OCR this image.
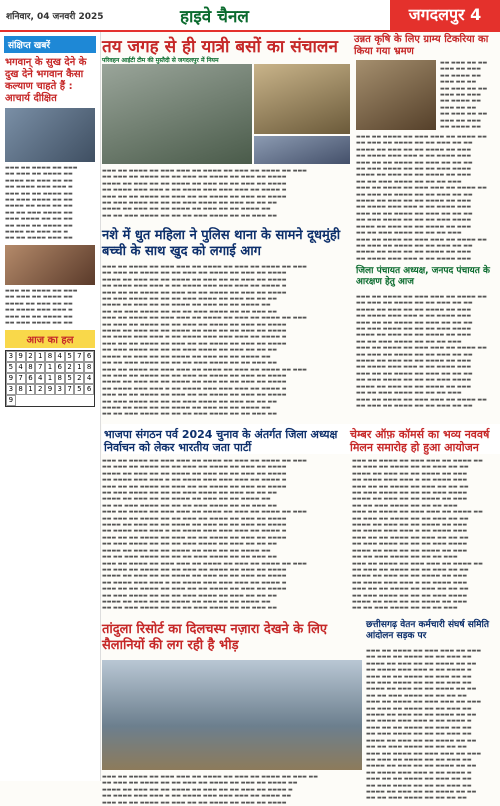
शनिवार, 04 जनवरी 2025	हाइवे चैनल	जगदलपुर 4
संक्षिप्त खबरें
भगवान् के सुख देने के दुख देने भगवान कैसा कल्याण चाहते हैं : आचार्य दीक्षित
▬▬▬ ▬▬ ▬▬▬▬ ▬▬ ▬▬▬
▬▬ ▬▬▬ ▬▬ ▬▬▬▬ ▬▬
▬▬▬▬ ▬▬ ▬▬▬ ▬▬ ▬▬
▬▬ ▬▬▬▬ ▬▬▬ ▬▬▬ ▬
▬▬▬ ▬▬ ▬▬ ▬▬▬▬ ▬▬
▬▬ ▬▬▬ ▬▬▬▬ ▬▬ ▬▬
▬▬▬▬ ▬▬ ▬▬▬ ▬▬ ▬▬
▬▬ ▬▬ ▬▬▬ ▬▬▬▬ ▬▬
▬▬▬ ▬▬▬▬ ▬▬ ▬▬ ▬▬
▬▬ ▬▬▬ ▬▬ ▬▬▬▬ ▬▬
▬▬▬▬ ▬▬ ▬▬▬ ▬▬ ▬
▬▬ ▬▬ ▬▬▬▬ ▬▬▬ ▬▬
▬▬▬ ▬▬ ▬▬▬▬ ▬▬ ▬▬▬
▬▬ ▬▬▬ ▬▬ ▬▬▬▬ ▬▬
▬▬▬▬ ▬▬ ▬▬▬ ▬▬ ▬▬
▬▬ ▬▬▬▬ ▬▬▬ ▬▬▬ ▬
▬▬▬ ▬▬ ▬▬ ▬▬▬▬ ▬▬
▬▬ ▬▬▬ ▬▬▬▬ ▬▬ ▬▬
आज का हल
3 9 2 1 8 4 5 7 6
5 4 8 7 1 6 2 1 8
9 7 6 4 1 8 5 2 4
3 8 1 2 9 3 7 5 6
9
तय जगह से ही यात्री बसों का संचालन
परिवहन आईटी टीम की मुस्तैदी से जगदलपुर में नियम
▬▬▬ ▬▬ ▬▬▬▬ ▬▬ ▬▬▬ ▬▬▬ ▬▬ ▬▬▬▬ ▬▬ ▬▬▬ ▬▬ ▬▬▬▬ ▬▬ ▬▬▬
▬▬ ▬▬▬ ▬▬ ▬▬▬▬ ▬▬ ▬▬ ▬▬▬ ▬▬ ▬▬▬▬ ▬▬ ▬▬▬ ▬▬ ▬▬▬▬
▬▬▬▬ ▬▬ ▬▬▬ ▬▬ ▬▬ ▬▬▬▬ ▬▬ ▬▬▬ ▬▬ ▬▬ ▬▬▬ ▬▬ ▬▬▬▬
▬▬ ▬▬▬▬ ▬▬▬ ▬▬▬ ▬ ▬▬ ▬▬▬▬ ▬▬▬ ▬▬▬ ▬▬▬ ▬▬ ▬▬▬▬ ▬
▬▬▬ ▬▬ ▬▬ ▬▬▬▬ ▬▬ ▬▬▬ ▬▬ ▬▬ ▬▬▬▬ ▬▬ ▬▬▬ ▬▬ ▬▬▬▬
▬▬ ▬▬▬ ▬▬▬▬ ▬▬ ▬▬ ▬▬ ▬▬▬ ▬▬▬▬ ▬▬ ▬▬▬ ▬▬ ▬▬ ▬▬
▬▬▬▬ ▬▬ ▬▬▬ ▬▬ ▬▬ ▬▬▬▬ ▬▬ ▬▬▬ ▬▬ ▬▬ ▬▬▬▬ ▬▬
▬▬ ▬▬ ▬▬▬ ▬▬▬▬ ▬▬ ▬▬ ▬▬ ▬▬▬ ▬▬▬▬ ▬▬ ▬▬ ▬▬▬ ▬▬
नशे में धुत महिला ने पुलिस थाना के सामने दूधमुंही बच्ची के साथ खुद को लगाई आग
▬▬▬ ▬▬ ▬▬▬▬ ▬▬ ▬▬▬ ▬▬▬ ▬▬ ▬▬▬▬ ▬▬ ▬▬▬ ▬▬ ▬▬▬▬ ▬▬ ▬▬▬
▬▬ ▬▬▬ ▬▬ ▬▬▬▬ ▬▬ ▬▬ ▬▬▬ ▬▬ ▬▬▬▬ ▬▬ ▬▬▬ ▬▬ ▬▬▬▬
▬▬▬▬ ▬▬ ▬▬▬ ▬▬ ▬▬ ▬▬▬▬ ▬▬ ▬▬▬ ▬▬ ▬▬ ▬▬▬ ▬▬ ▬▬▬▬
▬▬ ▬▬▬▬ ▬▬▬ ▬▬▬ ▬ ▬▬ ▬▬▬▬ ▬▬▬ ▬▬▬ ▬▬▬ ▬▬ ▬▬▬▬ ▬
▬▬▬ ▬▬ ▬▬ ▬▬▬▬ ▬▬ ▬▬▬ ▬▬ ▬▬ ▬▬▬▬ ▬▬ ▬▬▬ ▬▬ ▬▬▬▬
▬▬ ▬▬▬ ▬▬▬▬ ▬▬ ▬▬ ▬▬ ▬▬▬ ▬▬▬▬ ▬▬ ▬▬▬ ▬▬ ▬▬ ▬▬
▬▬▬▬ ▬▬ ▬▬▬ ▬▬ ▬▬ ▬▬▬▬ ▬▬ ▬▬▬ ▬▬ ▬▬ ▬▬▬▬ ▬▬
▬▬ ▬▬ ▬▬▬ ▬▬▬▬ ▬▬ ▬▬ ▬▬ ▬▬▬ ▬▬▬▬ ▬▬ ▬▬ ▬▬▬ ▬▬
▬▬▬ ▬▬ ▬▬▬▬ ▬▬ ▬▬▬ ▬▬▬ ▬▬ ▬▬▬▬ ▬▬ ▬▬▬ ▬▬ ▬▬▬▬ ▬▬ ▬▬▬
▬▬ ▬▬▬ ▬▬ ▬▬▬▬ ▬▬ ▬▬ ▬▬▬ ▬▬ ▬▬▬▬ ▬▬ ▬▬▬ ▬▬ ▬▬▬▬
▬▬▬▬ ▬▬ ▬▬▬ ▬▬ ▬▬ ▬▬▬▬ ▬▬ ▬▬▬ ▬▬ ▬▬ ▬▬▬ ▬▬ ▬▬▬▬
▬▬ ▬▬▬▬ ▬▬▬ ▬▬▬ ▬ ▬▬ ▬▬▬▬ ▬▬▬ ▬▬▬ ▬▬▬ ▬▬ ▬▬▬▬ ▬
▬▬▬ ▬▬ ▬▬ ▬▬▬▬ ▬▬ ▬▬▬ ▬▬ ▬▬ ▬▬▬▬ ▬▬ ▬▬▬ ▬▬ ▬▬▬▬
▬▬ ▬▬▬ ▬▬▬▬ ▬▬ ▬▬ ▬▬ ▬▬▬ ▬▬▬▬ ▬▬ ▬▬▬ ▬▬ ▬▬ ▬▬
▬▬▬▬ ▬▬ ▬▬▬ ▬▬ ▬▬ ▬▬▬▬ ▬▬ ▬▬▬ ▬▬ ▬▬ ▬▬▬▬ ▬▬
▬▬ ▬▬ ▬▬▬ ▬▬▬▬ ▬▬ ▬▬ ▬▬ ▬▬▬ ▬▬▬▬ ▬▬ ▬▬ ▬▬▬ ▬▬
▬▬▬ ▬▬ ▬▬▬▬ ▬▬ ▬▬▬ ▬▬▬ ▬▬ ▬▬▬▬ ▬▬ ▬▬▬ ▬▬ ▬▬▬▬ ▬▬ ▬▬▬
▬▬ ▬▬▬ ▬▬ ▬▬▬▬ ▬▬ ▬▬ ▬▬▬ ▬▬ ▬▬▬▬ ▬▬ ▬▬▬ ▬▬ ▬▬▬▬
▬▬▬▬ ▬▬ ▬▬▬ ▬▬ ▬▬ ▬▬▬▬ ▬▬ ▬▬▬ ▬▬ ▬▬ ▬▬▬ ▬▬ ▬▬▬▬
▬▬ ▬▬▬▬ ▬▬▬ ▬▬▬ ▬ ▬▬ ▬▬▬▬ ▬▬▬ ▬▬▬ ▬▬▬ ▬▬ ▬▬▬▬ ▬
▬▬▬ ▬▬ ▬▬ ▬▬▬▬ ▬▬ ▬▬▬ ▬▬ ▬▬ ▬▬▬▬ ▬▬ ▬▬▬ ▬▬ ▬▬▬▬
▬▬ ▬▬▬ ▬▬▬▬ ▬▬ ▬▬ ▬▬ ▬▬▬ ▬▬▬▬ ▬▬ ▬▬▬ ▬▬ ▬▬ ▬▬
▬▬▬▬ ▬▬ ▬▬▬ ▬▬ ▬▬ ▬▬▬▬ ▬▬ ▬▬▬ ▬▬ ▬▬ ▬▬▬▬ ▬▬
▬▬ ▬▬ ▬▬▬ ▬▬▬▬ ▬▬ ▬▬ ▬▬ ▬▬▬ ▬▬▬▬ ▬▬ ▬▬ ▬▬▬ ▬▬
उन्नत कृषि के लिए ग्राम्य टिकरिया का किया गया भ्रमण
▬▬ ▬▬▬ ▬▬ ▬▬
▬▬▬ ▬▬ ▬▬▬
▬▬ ▬▬▬▬ ▬▬
▬▬▬ ▬▬ ▬▬
▬▬ ▬▬▬ ▬▬ ▬▬
▬▬▬ ▬▬ ▬▬▬
▬▬ ▬▬▬▬ ▬▬
▬▬▬ ▬▬ ▬▬
▬▬ ▬▬▬ ▬▬ ▬▬
▬▬▬ ▬▬ ▬▬▬
▬▬ ▬▬▬▬ ▬▬
▬▬▬ ▬▬ ▬▬▬▬ ▬▬ ▬▬▬ ▬▬▬ ▬▬ ▬▬▬▬ ▬▬
▬▬ ▬▬▬ ▬▬ ▬▬▬▬ ▬▬ ▬▬ ▬▬▬ ▬▬ ▬▬
▬▬▬▬ ▬▬ ▬▬▬ ▬▬ ▬▬ ▬▬▬▬ ▬▬ ▬▬▬
▬▬ ▬▬▬▬ ▬▬▬ ▬▬▬ ▬ ▬▬ ▬▬▬▬ ▬▬▬
▬▬▬ ▬▬ ▬▬ ▬▬▬▬ ▬▬ ▬▬▬ ▬▬ ▬▬ ▬▬
▬▬ ▬▬▬ ▬▬▬▬ ▬▬ ▬▬ ▬▬ ▬▬▬ ▬▬▬▬
▬▬▬▬ ▬▬ ▬▬▬ ▬▬ ▬▬ ▬▬▬▬ ▬▬ ▬▬▬
▬▬ ▬▬ ▬▬▬ ▬▬▬▬ ▬▬ ▬▬ ▬▬ ▬▬▬
▬▬▬ ▬▬ ▬▬▬▬ ▬▬ ▬▬▬ ▬▬▬ ▬▬ ▬▬▬▬ ▬▬
▬▬ ▬▬▬ ▬▬ ▬▬▬▬ ▬▬ ▬▬ ▬▬▬ ▬▬ ▬▬
▬▬▬▬ ▬▬ ▬▬▬ ▬▬ ▬▬ ▬▬▬▬ ▬▬ ▬▬▬
▬▬ ▬▬▬▬ ▬▬▬ ▬▬▬ ▬ ▬▬ ▬▬▬▬ ▬▬▬
▬▬▬ ▬▬ ▬▬ ▬▬▬▬ ▬▬ ▬▬▬ ▬▬ ▬▬ ▬▬
▬▬ ▬▬▬ ▬▬▬▬ ▬▬ ▬▬ ▬▬ ▬▬▬ ▬▬▬▬
▬▬▬▬ ▬▬ ▬▬▬ ▬▬ ▬▬ ▬▬▬▬ ▬▬ ▬▬▬
▬▬ ▬▬ ▬▬▬ ▬▬▬▬ ▬▬ ▬▬ ▬▬ ▬▬▬
▬▬▬ ▬▬ ▬▬▬▬ ▬▬ ▬▬▬ ▬▬▬ ▬▬ ▬▬▬▬ ▬▬
▬▬ ▬▬▬ ▬▬ ▬▬▬▬ ▬▬ ▬▬ ▬▬▬ ▬▬ ▬▬
▬▬▬▬ ▬▬ ▬▬▬ ▬▬ ▬▬ ▬▬▬▬ ▬▬ ▬▬▬
▬▬ ▬▬▬▬ ▬▬▬ ▬▬▬ ▬ ▬▬ ▬▬▬▬ ▬▬▬
जिला पंचायत अध्यक्ष, जनपद पंचायत के आरक्षण हेतु आज
▬▬▬ ▬▬ ▬▬▬▬ ▬▬ ▬▬▬ ▬▬▬ ▬▬ ▬▬▬▬ ▬▬
▬▬ ▬▬▬ ▬▬ ▬▬▬▬ ▬▬ ▬▬ ▬▬▬ ▬▬ ▬▬
▬▬▬▬ ▬▬ ▬▬▬ ▬▬ ▬▬ ▬▬▬▬ ▬▬ ▬▬▬
▬▬ ▬▬▬▬ ▬▬▬ ▬▬▬ ▬ ▬▬ ▬▬▬▬ ▬▬▬
▬▬▬ ▬▬ ▬▬ ▬▬▬▬ ▬▬ ▬▬▬ ▬▬ ▬▬ ▬▬
▬▬ ▬▬▬ ▬▬▬▬ ▬▬ ▬▬ ▬▬ ▬▬▬ ▬▬▬▬
▬▬▬▬ ▬▬ ▬▬▬ ▬▬ ▬▬ ▬▬▬▬ ▬▬ ▬▬▬
▬▬ ▬▬ ▬▬▬ ▬▬▬▬ ▬▬ ▬▬ ▬▬ ▬▬▬
▬▬▬ ▬▬ ▬▬▬▬ ▬▬ ▬▬▬ ▬▬▬ ▬▬ ▬▬▬▬ ▬▬
▬▬ ▬▬▬ ▬▬ ▬▬▬▬ ▬▬ ▬▬ ▬▬▬ ▬▬ ▬▬
▬▬▬▬ ▬▬ ▬▬▬ ▬▬ ▬▬ ▬▬▬▬ ▬▬ ▬▬▬
▬▬ ▬▬▬▬ ▬▬▬ ▬▬▬ ▬ ▬▬ ▬▬▬▬ ▬▬▬
▬▬▬ ▬▬ ▬▬ ▬▬▬▬ ▬▬ ▬▬▬ ▬▬ ▬▬ ▬▬
▬▬ ▬▬▬ ▬▬▬▬ ▬▬ ▬▬ ▬▬ ▬▬▬ ▬▬▬▬
▬▬▬▬ ▬▬ ▬▬▬ ▬▬ ▬▬ ▬▬▬▬ ▬▬ ▬▬▬
▬▬ ▬▬ ▬▬▬ ▬▬▬▬ ▬▬ ▬▬ ▬▬ ▬▬▬
▬▬▬ ▬▬ ▬▬▬▬ ▬▬ ▬▬▬ ▬▬▬ ▬▬ ▬▬▬▬ ▬▬
▬▬ ▬▬▬ ▬▬ ▬▬▬▬ ▬▬ ▬▬ ▬▬▬ ▬▬ ▬▬
भाजपा संगठन पर्व 2024 चुनाव के अंतर्गत जिला अध्यक्ष निर्वाचन को लेकर भारतीय जता पार्टी
चेम्बर ऑफ़ कॉमर्स का भव्य नववर्ष मिलन समारोह हो हुआ आयोजन
▬▬▬ ▬▬ ▬▬▬▬ ▬▬ ▬▬▬ ▬▬▬ ▬▬ ▬▬▬▬ ▬▬ ▬▬▬ ▬▬ ▬▬▬▬ ▬▬ ▬▬▬
▬▬ ▬▬▬ ▬▬ ▬▬▬▬ ▬▬ ▬▬ ▬▬▬ ▬▬ ▬▬▬▬ ▬▬ ▬▬▬ ▬▬ ▬▬▬▬
▬▬▬▬ ▬▬ ▬▬▬ ▬▬ ▬▬ ▬▬▬▬ ▬▬ ▬▬▬ ▬▬ ▬▬ ▬▬▬ ▬▬ ▬▬▬▬
▬▬ ▬▬▬▬ ▬▬▬ ▬▬▬ ▬ ▬▬ ▬▬▬▬ ▬▬▬ ▬▬▬ ▬▬▬ ▬▬ ▬▬▬▬ ▬
▬▬▬ ▬▬ ▬▬ ▬▬▬▬ ▬▬ ▬▬▬ ▬▬ ▬▬ ▬▬▬▬ ▬▬ ▬▬▬ ▬▬ ▬▬▬▬
▬▬ ▬▬▬ ▬▬▬▬ ▬▬ ▬▬ ▬▬ ▬▬▬ ▬▬▬▬ ▬▬ ▬▬▬ ▬▬ ▬▬ ▬▬
▬▬▬▬ ▬▬ ▬▬▬ ▬▬ ▬▬ ▬▬▬▬ ▬▬ ▬▬▬ ▬▬ ▬▬ ▬▬▬▬ ▬▬
▬▬ ▬▬ ▬▬▬ ▬▬▬▬ ▬▬ ▬▬ ▬▬ ▬▬▬ ▬▬▬▬ ▬▬ ▬▬ ▬▬▬ ▬▬
▬▬▬ ▬▬ ▬▬▬▬ ▬▬ ▬▬▬ ▬▬▬ ▬▬ ▬▬▬▬ ▬▬ ▬▬▬ ▬▬ ▬▬▬▬ ▬▬ ▬▬▬
▬▬ ▬▬▬ ▬▬ ▬▬▬▬ ▬▬ ▬▬ ▬▬▬ ▬▬ ▬▬▬▬ ▬▬ ▬▬▬ ▬▬ ▬▬▬▬
▬▬▬▬ ▬▬ ▬▬▬ ▬▬ ▬▬ ▬▬▬▬ ▬▬ ▬▬▬ ▬▬ ▬▬ ▬▬▬ ▬▬ ▬▬▬▬
▬▬ ▬▬▬▬ ▬▬▬ ▬▬▬ ▬ ▬▬ ▬▬▬▬ ▬▬▬ ▬▬▬ ▬▬▬ ▬▬ ▬▬▬▬ ▬
▬▬▬ ▬▬ ▬▬ ▬▬▬▬ ▬▬ ▬▬▬ ▬▬ ▬▬ ▬▬▬▬ ▬▬ ▬▬▬ ▬▬ ▬▬▬▬
▬▬ ▬▬▬ ▬▬▬▬ ▬▬ ▬▬ ▬▬ ▬▬▬ ▬▬▬▬ ▬▬ ▬▬▬ ▬▬ ▬▬ ▬▬
▬▬▬▬ ▬▬ ▬▬▬ ▬▬ ▬▬ ▬▬▬▬ ▬▬ ▬▬▬ ▬▬ ▬▬ ▬▬▬▬ ▬▬
▬▬ ▬▬ ▬▬▬ ▬▬▬▬ ▬▬ ▬▬ ▬▬ ▬▬▬ ▬▬▬▬ ▬▬ ▬▬ ▬▬▬ ▬▬
▬▬▬ ▬▬ ▬▬▬▬ ▬▬ ▬▬▬ ▬▬▬ ▬▬ ▬▬▬▬ ▬▬ ▬▬▬ ▬▬ ▬▬▬▬ ▬▬ ▬▬▬
▬▬ ▬▬▬ ▬▬ ▬▬▬▬ ▬▬ ▬▬ ▬▬▬ ▬▬ ▬▬▬▬ ▬▬ ▬▬▬ ▬▬ ▬▬▬▬
▬▬▬▬ ▬▬ ▬▬▬ ▬▬ ▬▬ ▬▬▬▬ ▬▬ ▬▬▬ ▬▬ ▬▬ ▬▬▬ ▬▬ ▬▬▬▬
▬▬ ▬▬▬▬ ▬▬▬ ▬▬▬ ▬ ▬▬ ▬▬▬▬ ▬▬▬ ▬▬▬ ▬▬▬ ▬▬ ▬▬▬▬ ▬
▬▬▬ ▬▬ ▬▬ ▬▬▬▬ ▬▬ ▬▬▬ ▬▬ ▬▬ ▬▬▬▬ ▬▬ ▬▬▬ ▬▬ ▬▬▬▬
▬▬ ▬▬▬ ▬▬▬▬ ▬▬ ▬▬ ▬▬ ▬▬▬ ▬▬▬▬ ▬▬ ▬▬▬ ▬▬ ▬▬ ▬▬
▬▬▬▬ ▬▬ ▬▬▬ ▬▬ ▬▬ ▬▬▬▬ ▬▬ ▬▬▬ ▬▬ ▬▬ ▬▬▬▬ ▬▬
▬▬ ▬▬ ▬▬▬ ▬▬▬▬ ▬▬ ▬▬ ▬▬ ▬▬▬ ▬▬▬▬ ▬▬ ▬▬ ▬▬▬ ▬▬
▬▬▬ ▬▬ ▬▬▬▬ ▬▬ ▬▬▬ ▬▬▬ ▬▬ ▬▬▬▬ ▬▬
▬▬ ▬▬▬ ▬▬ ▬▬▬▬ ▬▬ ▬▬ ▬▬▬ ▬▬ ▬▬
▬▬▬▬ ▬▬ ▬▬▬ ▬▬ ▬▬ ▬▬▬▬ ▬▬ ▬▬▬
▬▬ ▬▬▬▬ ▬▬▬ ▬▬▬ ▬ ▬▬ ▬▬▬▬ ▬▬▬
▬▬▬ ▬▬ ▬▬ ▬▬▬▬ ▬▬ ▬▬▬ ▬▬ ▬▬ ▬▬
▬▬ ▬▬▬ ▬▬▬▬ ▬▬ ▬▬ ▬▬ ▬▬▬ ▬▬▬▬
▬▬▬▬ ▬▬ ▬▬▬ ▬▬ ▬▬ ▬▬▬▬ ▬▬ ▬▬▬
▬▬ ▬▬ ▬▬▬ ▬▬▬▬ ▬▬ ▬▬ ▬▬ ▬▬▬
▬▬▬ ▬▬ ▬▬▬▬ ▬▬ ▬▬▬ ▬▬▬ ▬▬ ▬▬▬▬ ▬▬
▬▬ ▬▬▬ ▬▬ ▬▬▬▬ ▬▬ ▬▬ ▬▬▬ ▬▬ ▬▬
▬▬▬▬ ▬▬ ▬▬▬ ▬▬ ▬▬ ▬▬▬▬ ▬▬ ▬▬▬
▬▬ ▬▬▬▬ ▬▬▬ ▬▬▬ ▬ ▬▬ ▬▬▬▬ ▬▬▬
▬▬▬ ▬▬ ▬▬ ▬▬▬▬ ▬▬ ▬▬▬ ▬▬ ▬▬ ▬▬
▬▬ ▬▬▬ ▬▬▬▬ ▬▬ ▬▬ ▬▬ ▬▬▬ ▬▬▬▬
▬▬▬▬ ▬▬ ▬▬▬ ▬▬ ▬▬ ▬▬▬▬ ▬▬ ▬▬▬
▬▬ ▬▬ ▬▬▬ ▬▬▬▬ ▬▬ ▬▬ ▬▬ ▬▬▬
▬▬▬ ▬▬ ▬▬▬▬ ▬▬ ▬▬▬ ▬▬▬ ▬▬ ▬▬▬▬ ▬▬
▬▬ ▬▬▬ ▬▬ ▬▬▬▬ ▬▬ ▬▬ ▬▬▬ ▬▬ ▬▬
▬▬▬▬ ▬▬ ▬▬▬ ▬▬ ▬▬ ▬▬▬▬ ▬▬ ▬▬▬
▬▬ ▬▬▬▬ ▬▬▬ ▬▬▬ ▬ ▬▬ ▬▬▬▬ ▬▬▬
▬▬▬ ▬▬ ▬▬ ▬▬▬▬ ▬▬ ▬▬▬ ▬▬ ▬▬ ▬▬
▬▬ ▬▬▬ ▬▬▬▬ ▬▬ ▬▬ ▬▬ ▬▬▬ ▬▬▬▬
▬▬▬▬ ▬▬ ▬▬▬ ▬▬ ▬▬ ▬▬▬▬ ▬▬ ▬▬▬
▬▬ ▬▬ ▬▬▬ ▬▬▬▬ ▬▬ ▬▬ ▬▬ ▬▬▬
तांदुला रिसोर्ट का दिलचस्प नज़ारा देखने के लिए सैलानियों की लग रही है भीड़
▬▬▬ ▬▬ ▬▬▬▬ ▬▬ ▬▬▬ ▬▬▬ ▬▬ ▬▬▬▬ ▬▬ ▬▬▬ ▬▬ ▬▬▬▬ ▬▬ ▬▬▬ ▬▬
▬▬ ▬▬▬ ▬▬ ▬▬▬▬ ▬▬ ▬▬ ▬▬▬ ▬▬ ▬▬▬▬ ▬▬ ▬▬▬ ▬▬ ▬▬▬▬ ▬▬
▬▬▬▬ ▬▬ ▬▬▬ ▬▬ ▬▬ ▬▬▬▬ ▬▬ ▬▬▬ ▬▬ ▬▬ ▬▬▬ ▬▬ ▬▬▬▬ ▬
▬▬ ▬▬▬▬ ▬▬▬ ▬▬▬ ▬ ▬▬ ▬▬▬▬ ▬▬▬ ▬▬▬ ▬▬▬ ▬▬ ▬▬▬▬ ▬▬
▬▬▬ ▬▬ ▬▬ ▬▬▬▬ ▬▬ ▬▬▬ ▬▬ ▬▬ ▬▬▬▬ ▬▬ ▬▬▬ ▬▬ ▬▬▬▬
छत्तीसगढ़ वेतन कर्मचारी संघर्ष समिति आंदोलन सड़क पर
▬▬▬ ▬▬ ▬▬▬▬ ▬▬ ▬▬▬ ▬▬▬ ▬▬ ▬▬▬
▬▬ ▬▬▬ ▬▬ ▬▬▬▬ ▬▬ ▬▬ ▬▬▬ ▬▬
▬▬▬▬ ▬▬ ▬▬▬ ▬▬ ▬▬ ▬▬▬▬ ▬▬ ▬▬
▬▬ ▬▬▬▬ ▬▬▬ ▬▬▬ ▬ ▬▬ ▬▬▬▬ ▬
▬▬▬ ▬▬ ▬▬ ▬▬▬▬ ▬▬ ▬▬▬ ▬▬ ▬▬
▬▬ ▬▬▬ ▬▬▬▬ ▬▬ ▬▬ ▬▬ ▬▬▬ ▬▬
▬▬▬▬ ▬▬ ▬▬▬ ▬▬ ▬▬ ▬▬▬▬ ▬▬ ▬▬
▬▬ ▬▬ ▬▬▬ ▬▬▬▬ ▬▬ ▬▬ ▬▬ ▬▬
▬▬▬ ▬▬ ▬▬▬▬ ▬▬ ▬▬▬ ▬▬▬ ▬▬ ▬▬▬
▬▬ ▬▬▬ ▬▬ ▬▬▬▬ ▬▬ ▬▬ ▬▬▬ ▬▬
▬▬▬▬ ▬▬ ▬▬▬ ▬▬ ▬▬ ▬▬▬▬ ▬▬ ▬▬
▬▬ ▬▬▬▬ ▬▬▬ ▬▬▬ ▬ ▬▬ ▬▬▬▬ ▬
▬▬▬ ▬▬ ▬▬ ▬▬▬▬ ▬▬ ▬▬▬ ▬▬ ▬▬
▬▬ ▬▬▬ ▬▬▬▬ ▬▬ ▬▬ ▬▬ ▬▬▬ ▬▬
▬▬▬▬ ▬▬ ▬▬▬ ▬▬ ▬▬ ▬▬▬▬ ▬▬ ▬▬
▬▬ ▬▬ ▬▬▬ ▬▬▬▬ ▬▬ ▬▬ ▬▬ ▬▬
▬▬▬ ▬▬ ▬▬▬▬ ▬▬ ▬▬▬ ▬▬▬ ▬▬ ▬▬▬
▬▬ ▬▬▬ ▬▬ ▬▬▬▬ ▬▬ ▬▬ ▬▬▬ ▬▬
▬▬▬▬ ▬▬ ▬▬▬ ▬▬ ▬▬ ▬▬▬▬ ▬▬ ▬▬
▬▬ ▬▬▬▬ ▬▬▬ ▬▬▬ ▬ ▬▬ ▬▬▬▬ ▬
▬▬▬ ▬▬ ▬▬ ▬▬▬▬ ▬▬ ▬▬▬ ▬▬ ▬▬
▬▬ ▬▬▬ ▬▬▬▬ ▬▬ ▬▬ ▬▬ ▬▬▬ ▬▬
▬▬▬▬ ▬▬ ▬▬▬ ▬▬ ▬▬ ▬▬▬▬ ▬▬ ▬▬
▬▬ ▬▬ ▬▬▬ ▬▬▬▬ ▬▬ ▬▬ ▬▬ ▬▬
